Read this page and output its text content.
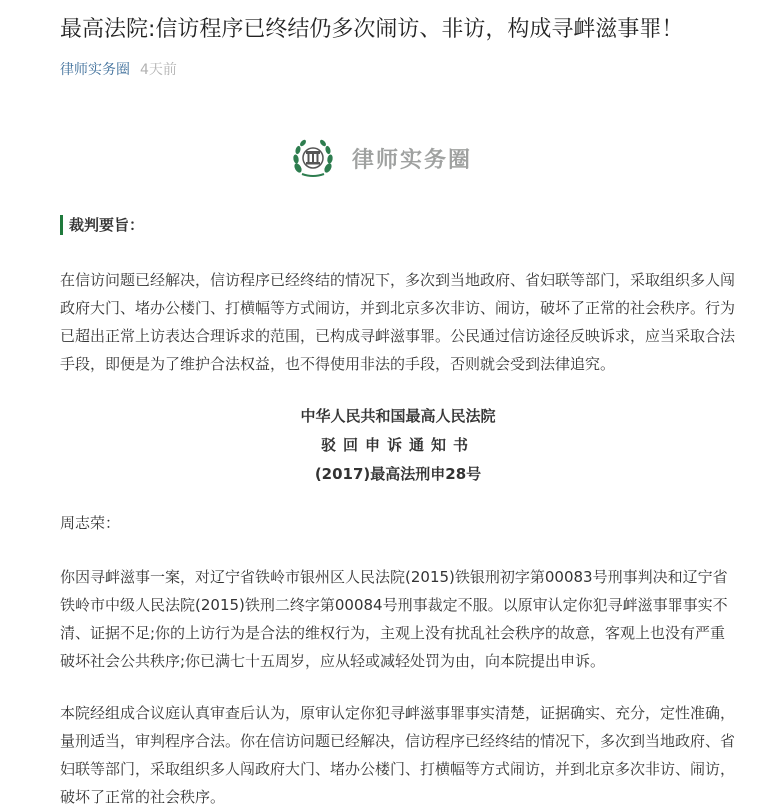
最高法院:信访程序已终结仍多次闹访、非访，构成寻衅滋事罪！
律师实务圈 4天前
律师实务圈
裁判要旨：

在信访问题已经解决，信访程序已经终结的情况下，多次到当地政府、省妇联等部门，采取组织多人闯政府大门、堵办公楼门、打横幅等方式闹访，并到北京多次非访、闹访，破坏了正常的社会秩序。行为已超出正常上访表达合理诉求的范围，已构成寻衅滋事罪。公民通过信访途径反映诉求，应当采取合法手段，即便是为了维护合法权益，也不得使用非法的手段，否则就会受到法律追究。

中华人民共和国最高人民法院
驳回申诉通知书
(2017)最高法刑申28号

周志荣：

你因寻衅滋事一案，对辽宁省铁岭市银州区人民法院(2015)铁银刑初字第00083号刑事判决和辽宁省铁岭市中级人民法院(2015)铁刑二终字第00084号刑事裁定不服。以原审认定你犯寻衅滋事罪事实不清、证据不足;你的上访行为是合法的维权行为，主观上没有扰乱社会秩序的故意，客观上也没有严重破坏社会公共秩序;你已满七十五周岁，应从轻或减轻处罚为由，向本院提出申诉。

本院经组成合议庭认真审查后认为，原审认定你犯寻衅滋事罪事实清楚，证据确实、充分，定性准确，量刑适当，审判程序合法。你在信访问题已经解决，信访程序已经终结的情况下，多次到当地政府、省妇联等部门，采取组织多人闯政府大门、堵办公楼门、打横幅等方式闹访，并到北京多次非访、闹访，破坏了正常的社会秩序。
